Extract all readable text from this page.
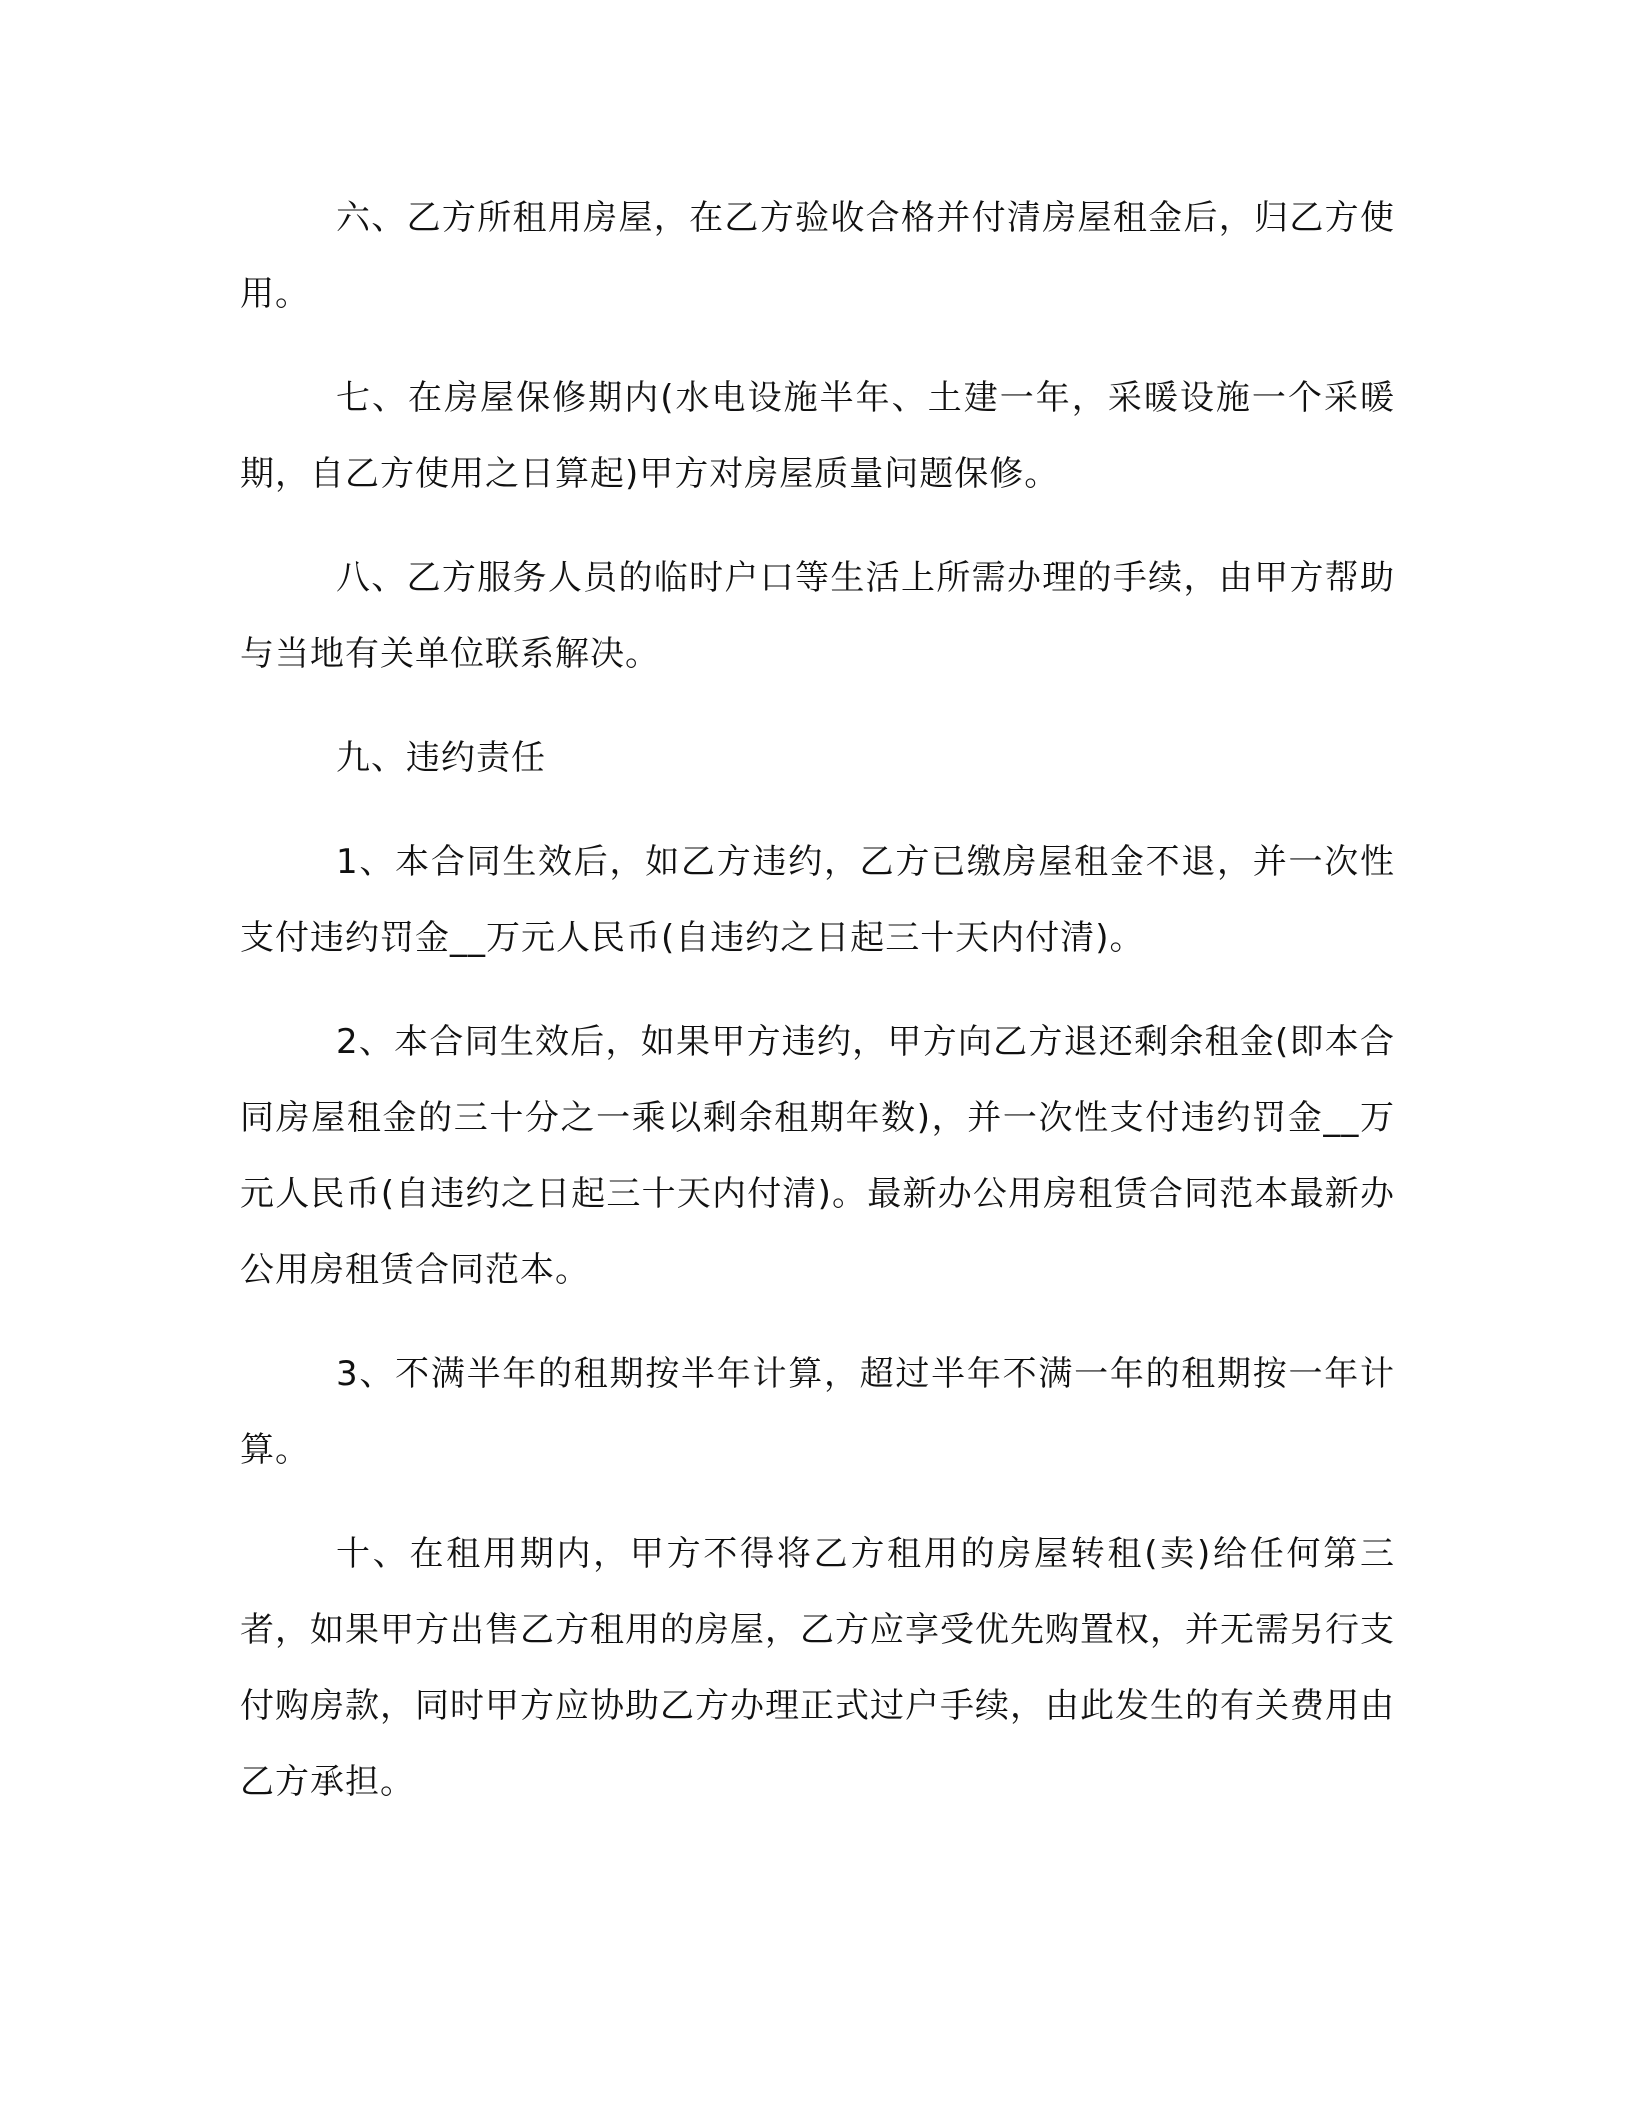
六、乙方所租用房屋，在乙方验收合格并付清房屋租金后，归乙方使用。

七、在房屋保修期内(水电设施半年、土建一年，采暖设施一个采暖期，自乙方使用之日算起)甲方对房屋质量问题保修。

八、乙方服务人员的临时户口等生活上所需办理的手续，由甲方帮助与当地有关单位联系解决。

九、违约责任

1、本合同生效后，如乙方违约，乙方已缴房屋租金不退，并一次性支付违约罚金__万元人民币(自违约之日起三十天内付清)。

2、本合同生效后，如果甲方违约，甲方向乙方退还剩余租金(即本合同房屋租金的三十分之一乘以剩余租期年数)，并一次性支付违约罚金__万元人民币(自违约之日起三十天内付清)。最新办公用房租赁合同范本最新办公用房租赁合同范本。

3、不满半年的租期按半年计算，超过半年不满一年的租期按一年计算。

十、在租用期内，甲方不得将乙方租用的房屋转租(卖)给任何第三者，如果甲方出售乙方租用的房屋，乙方应享受优先购置权，并无需另行支付购房款，同时甲方应协助乙方办理正式过户手续，由此发生的有关费用由乙方承担。
